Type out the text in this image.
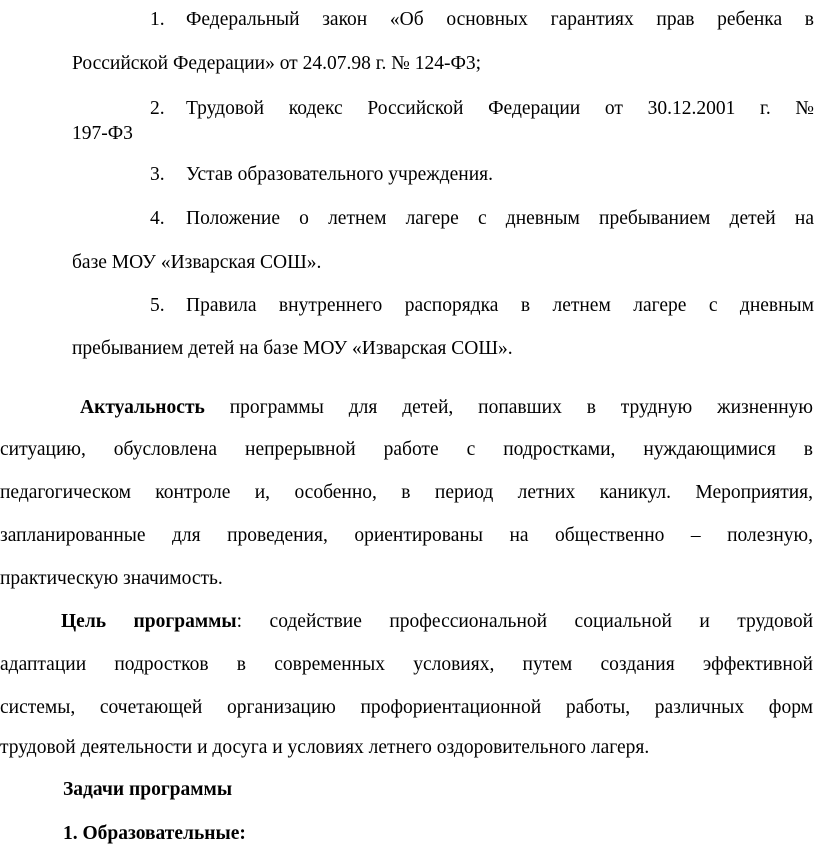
1. Федеральный закон «Об основных гарантиях прав ребенка в
Российской Федерации» от 24.07.98 г. № 124-Ф3;
2. Трудовой кодекс Российской Федерации от 30.12.2001 г. №
197-Ф3
3. Устав образовательного учреждения.
4. Положение о летнем лагере с дневным пребыванием детей на
базе МОУ «Изварская СОШ».
5. Правила внутреннего распорядка в летнем лагере с дневным
пребыванием детей на базе МОУ «Изварская СОШ».
Актуальность программы для детей, попавших в трудную жизненную
ситуацию, обусловлена непрерывной работе с подростками, нуждающимися в
педагогическом контроле и, особенно, в период летних каникул. Мероприятия,
запланированные для проведения, ориентированы на общественно – полезную,
практическую значимость.
Цель программы: содействие профессиональной социальной и трудовой
адаптации подростков в современных условиях, путем создания эффективной
системы, сочетающей организацию профориентационной работы, различных форм
трудовой деятельности и досуга и условиях летнего оздоровительного лагеря.
Задачи программы
1. Образовательные:
